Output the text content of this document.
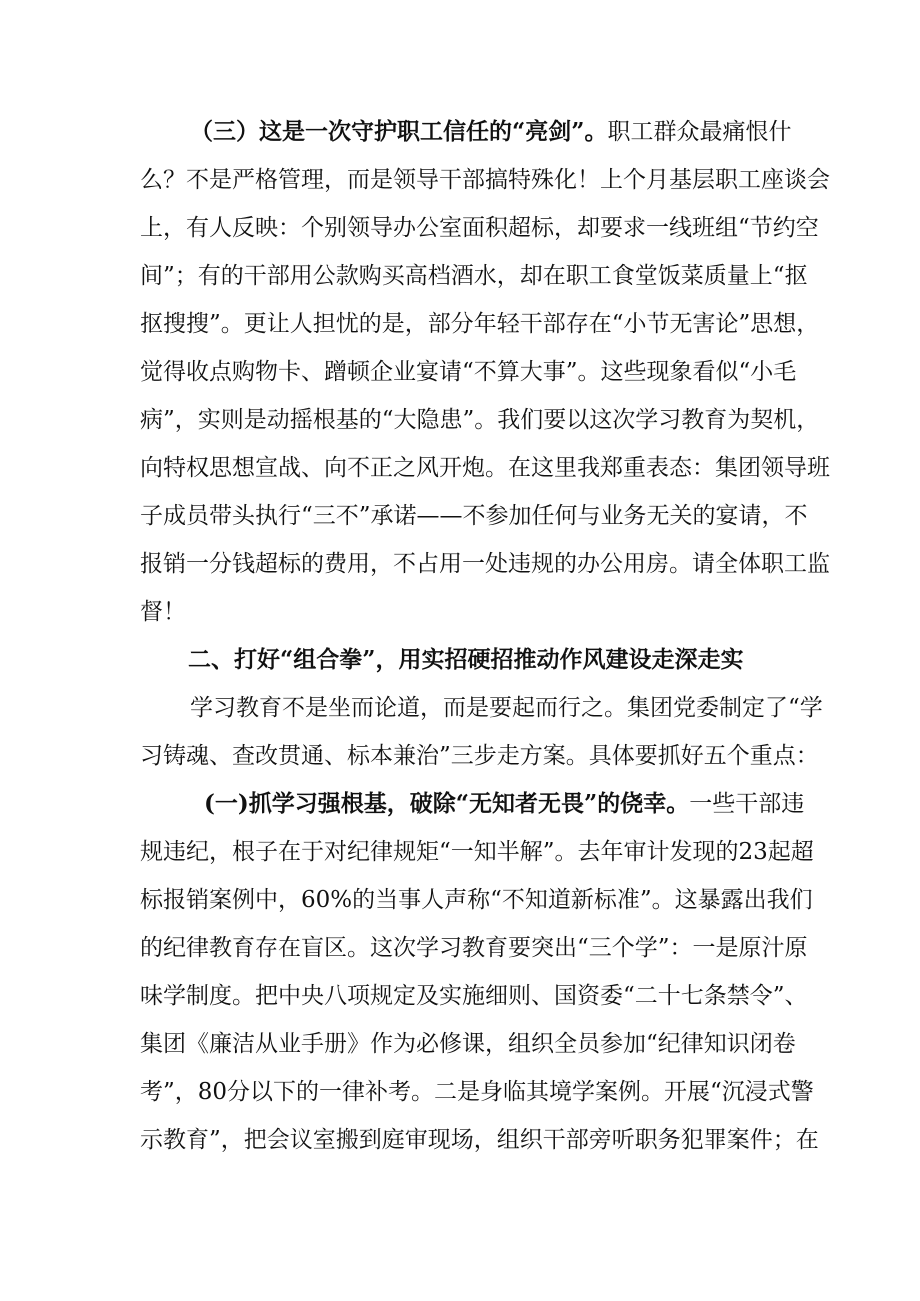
（三）这是一次守护职工信任的“亮剑”。职工群众最痛恨什
么？不是严格管理，而是领导干部搞特殊化！上个月基层职工座谈会
上，有人反映：个别领导办公室面积超标，却要求一线班组“节约空
间”；有的干部用公款购买高档酒水，却在职工食堂饭菜质量上“抠
抠搜搜”。更让人担忧的是，部分年轻干部存在“小节无害论”思想，
觉得收点购物卡、蹭顿企业宴请“不算大事”。这些现象看似“小毛
病”，实则是动摇根基的“大隐患”。我们要以这次学习教育为契机，
向特权思想宣战、向不正之风开炮。在这里我郑重表态：集团领导班
子成员带头执行“三不”承诺——不参加任何与业务无关的宴请，不
报销一分钱超标的费用，不占用一处违规的办公用房。请全体职工监
督！
二、打好“组合拳”，用实招硬招推动作风建设走深走实
学习教育不是坐而论道，而是要起而行之。集团党委制定了“学
习铸魂、查改贯通、标本兼治”三步走方案。具体要抓好五个重点：
(一)抓学习强根基，破除“无知者无畏”的侥幸。一些干部违
规违纪，根子在于对纪律规矩“一知半解”。去年审计发现的23起超
标报销案例中，60%的当事人声称“不知道新标准”。这暴露出我们
的纪律教育存在盲区。这次学习教育要突出“三个学”：一是原汁原
味学制度。把中央八项规定及实施细则、国资委“二十七条禁令”、
集团《廉洁从业手册》作为必修课，组织全员参加“纪律知识闭卷
考”，80分以下的一律补考。二是身临其境学案例。开展“沉浸式警
示教育”，把会议室搬到庭审现场，组织干部旁听职务犯罪案件；在
